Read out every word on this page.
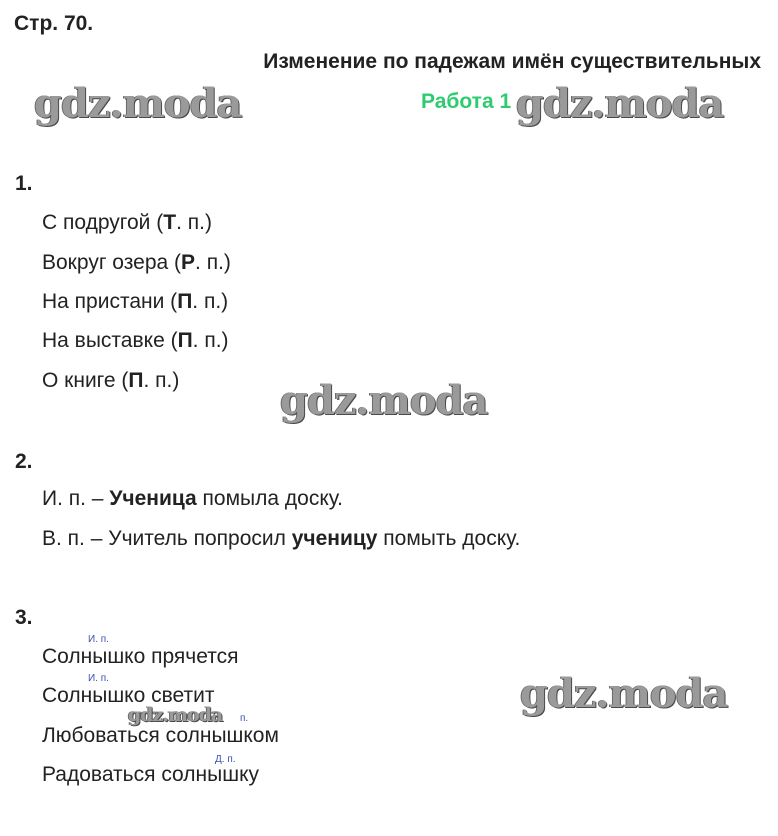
Стр. 70.
Изменение по падежам имён существительных
Работа 1
gdz.moda	gdz.moda
gdz.moda
gdz.moda
gdz.moda
1.
С подругой (Т. п.)
Вокруг озера (Р. п.)
На пристани (П. п.)
На выставке (П. п.)
О книге (П. п.)
2.
И. п. – Ученица помыла доску.
В. п. – Учитель попросил ученицу помыть доску.
3.
И. п.
Солнышко прячется
И. п.
Солнышко светит
п.
Любоваться солнышком
Д. п.
Радоваться солнышку
